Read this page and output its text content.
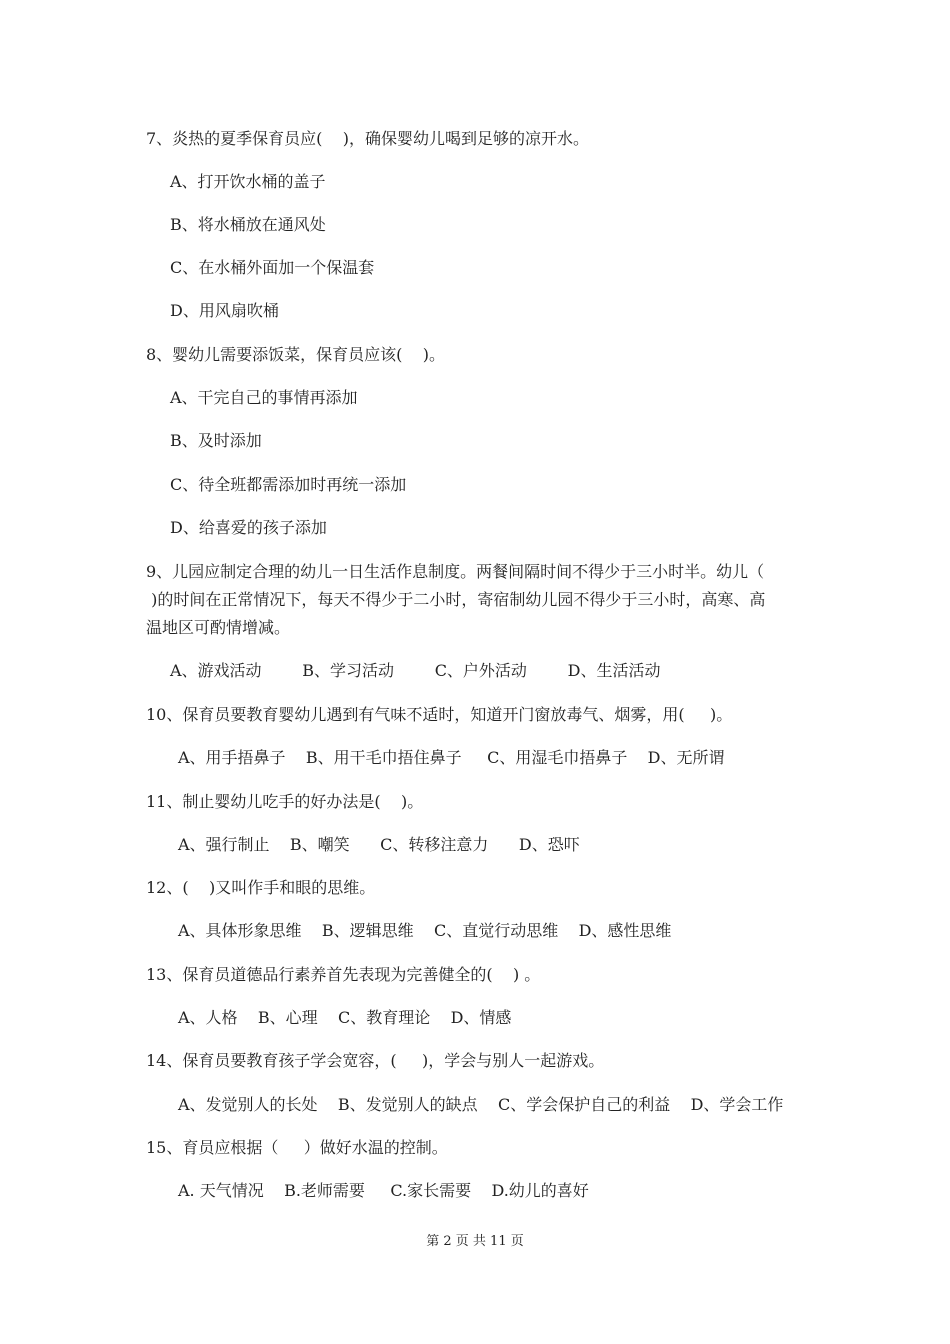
7、炎热的夏季保育员应(    )，确保婴幼儿喝到足够的凉开水。
A、打开饮水桶的盖子
B、将水桶放在通风处
C、在水桶外面加一个保温套
D、用风扇吹桶
8、婴幼儿需要添饭菜，保育员应该(    )。
A、干完自己的事情再添加
B、及时添加
C、待全班都需添加时再统一添加
D、给喜爱的孩子添加
9、儿园应制定合理的幼儿一日生活作息制度。两餐间隔时间不得少于三小时半。幼儿（
)的时间在正常情况下，每天不得少于二小时，寄宿制幼儿园不得少于三小时，高寒、高
温地区可酌情增减。
A、游戏活动        B、学习活动        C、户外活动        D、生活活动
10、保育员要教育婴幼儿遇到有气味不适时，知道开门窗放毒气、烟雾，用(     )。
A、用手捂鼻子    B、用干毛巾捂住鼻子     C、用湿毛巾捂鼻子    D、无所谓
11、制止婴幼儿吃手的好办法是(    )。
A、强行制止    B、嘲笑      C、转移注意力      D、恐吓
12、(    )又叫作手和眼的思维。
A、具体形象思维    B、逻辑思维    C、直觉行动思维    D、感性思维
13、保育员道德品行素养首先表现为完善健全的(    ) 。
A、人格    B、心理    C、教育理论    D、情感
14、保育员要教育孩子学会宽容，(     )，学会与别人一起游戏。
A、发觉别人的长处    B、发觉别人的缺点    C、学会保护自己的利益    D、学会工作
15、育员应根据（     ）做好水温的控制。
A. 天气情况    B.老师需要     C.家长需要    D.幼儿的喜好
第 2 页 共 11 页
